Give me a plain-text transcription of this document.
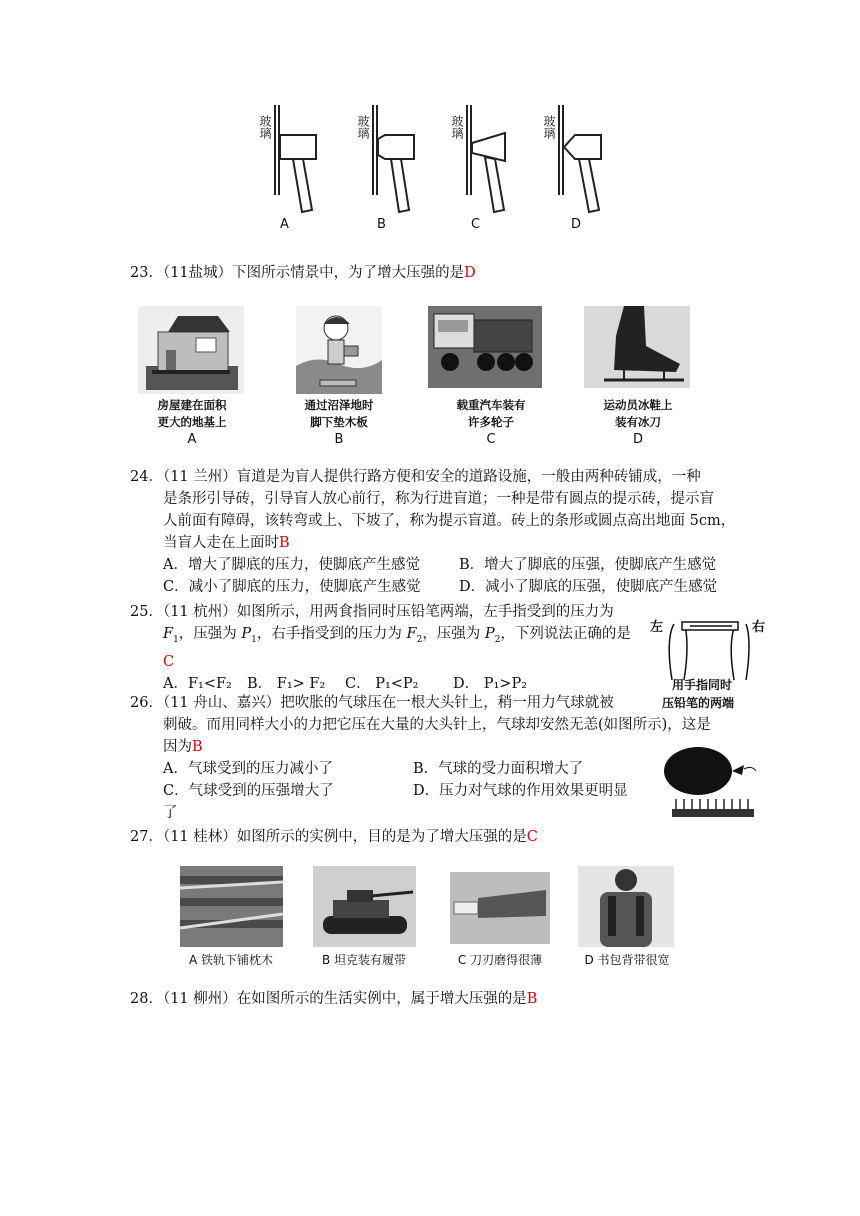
玻璃	玻璃	玻璃	玻璃
A	B	C	D
23．（11盐城）下图所示情景中，为了增大压强的是D
房屋建在面积
更大的地基上
A
通过沼泽地时
脚下垫木板
B
载重汽车装有
许多轮子
C
运动员冰鞋上
装有冰刀
D
24．（11 兰州）盲道是为盲人提供行路方便和安全的道路设施，一般由两种砖铺成，一种
是条形引导砖，引导盲人放心前行，称为行进盲道；一种是带有圆点的提示砖，提示盲
人前面有障碍，该转弯或上、下坡了，称为提示盲道。砖上的条形或圆点高出地面 5cm，
当盲人走在上面时B
A．增大了脚底的压力，使脚底产生感觉	B．增大了脚底的压强，使脚底产生感觉
C．减小了脚底的压力，使脚底产生感觉	D．减小了脚底的压强，使脚底产生感觉
25．（11 杭州）如图所示，用两食指同时压铅笔两端，左手指受到的压力为
$F_1$，压强为 $P_1$，右手指受到的压力为 $F_2$，压强为 $P_2$，下列说法正确的是
C
A．F₁<F₂ B． F₁> F₂ C． P₁<P₂ D． P₁>P₂
左	右
用手指同时
压铅笔的两端
26．（11 舟山、嘉兴）把吹胀的气球压在一根大头针上，稍一用力气球就被
刺破。而用同样大小的力把它压在大量的大头针上，气球却安然无恙(如图所示)，这是
因为B
A．气球受到的压力减小了	B．气球的受力面积增大了
C．气球受到的压强增大了	D．压力对气球的作用效果更明显
了
27．（11 桂林）如图所示的实例中，目的是为了增大压强的是C
A 铁轨下铺枕木	B 坦克装有履带	C 刀刃磨得很薄	D 书包背带很宽
28．（11 柳州）在如图所示的生活实例中，属于增大压强的是B
